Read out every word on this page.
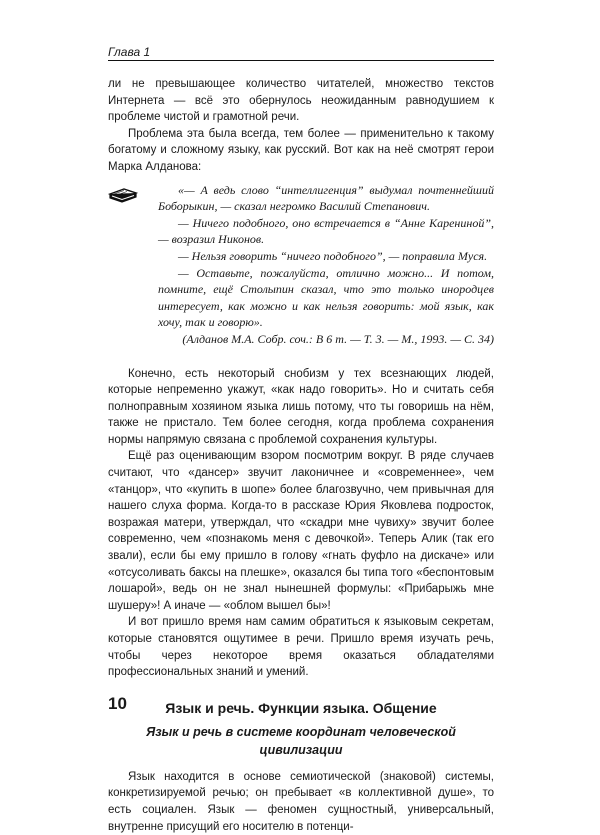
Глава 1

ли не превышающее количество читателей, множество текстов Интернета — всё это обернулось неожиданным равнодушием к проблеме чистой и грамотной речи.

Проблема эта была всегда, тем более — применительно к такому богатому и сложному языку, как русский. Вот как на неё смотрят герои Марка Алданова:

«— А ведь слово “интеллигенция” выдумал почтеннейший Боборыкин, — сказал негромко Василий Степанович.

— Ничего подобного, оно встречается в “Анне Карениной”, — возразил Никонов.

— Нельзя говорить “ничего подобного”, — поправила Муся.

— Оставьте, пожалуйста, отлично можно... И потом, помните, ещё Столыпин сказал, что это только инородцев интересует, как можно и как нельзя говорить: мой язык, как хочу, так и говорю».

(Алданов М.А. Собр. соч.: В 6 т. — Т. 3. — М., 1993. — С. 34)

Конечно, есть некоторый снобизм у тех всезнающих людей, которые непременно укажут, «как надо говорить». Но и считать себя полноправным хозяином языка лишь потому, что ты говоришь на нём, также не пристало. Тем более сегодня, когда проблема сохранения нормы напрямую связана с проблемой сохранения культуры.

Ещё раз оценивающим взором посмотрим вокруг. В ряде случаев считают, что «дансер» звучит лаконичнее и «современнее», чем «танцор», что «купить в шопе» более благозвучно, чем привычная для нашего слуха форма. Когда-то в рассказе Юрия Яковлева подросток, возражая матери, утверждал, что «скадри мне чувиху» звучит более современно, чем «познакомь меня с девочкой». Теперь Алик (так его звали), если бы ему пришло в голову «гнать фуфло на дискаче» или «отсусоливать баксы на плешке», оказался бы типа того «беспонтовым лошарой», ведь он не знал нынешней формулы: «Прибарыжь мне шушеру»! А иначе — «облом вышел бы»!

И вот пришло время нам самим обратиться к языковым секретам, которые становятся ощутимее в речи. Пришло время изучать речь, чтобы через некоторое время оказаться обладателями профессиональных знаний и умений.

Язык и речь. Функции языка. Общение
Язык и речь в системе координат человеческой цивилизации

Язык находится в основе семиотической (знаковой) системы, конкретизируемой речью; он пребывает «в коллективной душе», то есть социален. Язык — феномен сущностный, универсальный, внутренне присущий его носителю в потенци-

10
